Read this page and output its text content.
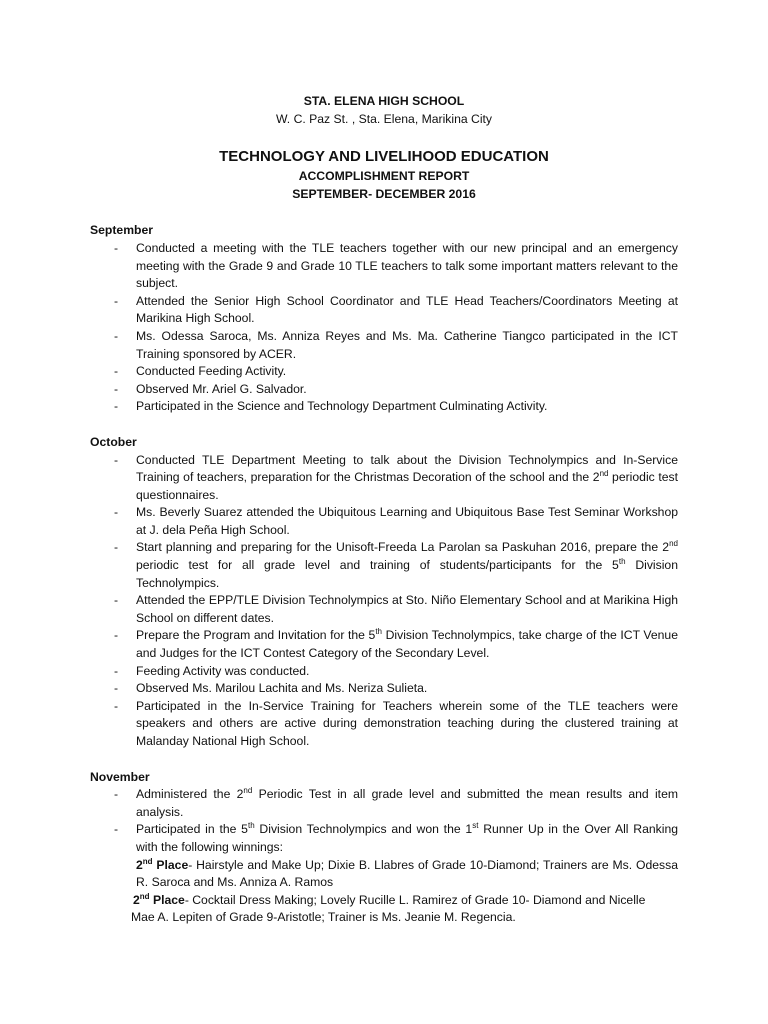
STA. ELENA HIGH SCHOOL
W. C. Paz St. , Sta. Elena, Marikina City
TECHNOLOGY AND LIVELIHOOD EDUCATION
ACCOMPLISHMENT REPORT
SEPTEMBER- DECEMBER 2016
September
- Conducted a meeting with the TLE teachers together with our new principal and an emergency meeting with the Grade 9 and Grade 10 TLE teachers to talk some important matters relevant to the subject.
- Attended the Senior High School Coordinator and TLE Head Teachers/Coordinators Meeting at Marikina High School.
- Ms. Odessa Saroca, Ms. Anniza Reyes and Ms. Ma. Catherine Tiangco participated in the ICT Training sponsored by ACER.
- Conducted Feeding Activity.
- Observed Mr. Ariel G. Salvador.
- Participated in the Science and Technology Department Culminating Activity.
October
- Conducted TLE Department Meeting to talk about the Division Technolympics and In-Service Training of teachers, preparation for the Christmas Decoration of the school and the 2nd periodic test questionnaires.
- Ms. Beverly Suarez attended the Ubiquitous Learning and Ubiquitous Base Test Seminar Workshop at J. dela Peña High School.
- Start planning and preparing for the Unisoft-Freeda La Parolan sa Paskuhan 2016, prepare the 2nd periodic test for all grade level and training of students/participants for the 5th Division Technolympics.
- Attended the EPP/TLE Division Technolympics at Sto. Niño Elementary School and at Marikina High School on different dates.
- Prepare the Program and Invitation for the 5th Division Technolympics, take charge of the ICT Venue and Judges for the ICT Contest Category of the Secondary Level.
- Feeding Activity was conducted.
- Observed Ms. Marilou Lachita and Ms. Neriza Sulieta.
- Participated in the In-Service Training for Teachers wherein some of the TLE teachers were speakers and others are active during demonstration teaching during the clustered training at Malanday National High School.
November
- Administered the 2nd Periodic Test in all grade level and submitted the mean results and item analysis.
- Participated in the 5th Division Technolympics and won the 1st Runner Up in the Over All Ranking with the following winnings:
2nd Place- Hairstyle and Make Up; Dixie B. Llabres of Grade 10-Diamond; Trainers are Ms. Odessa R. Saroca and Ms. Anniza A. Ramos
2nd Place- Cocktail Dress Making; Lovely Rucille L. Ramirez of Grade 10- Diamond and Nicelle
Mae A. Lepiten of Grade 9-Aristotle; Trainer is Ms. Jeanie M. Regencia.
